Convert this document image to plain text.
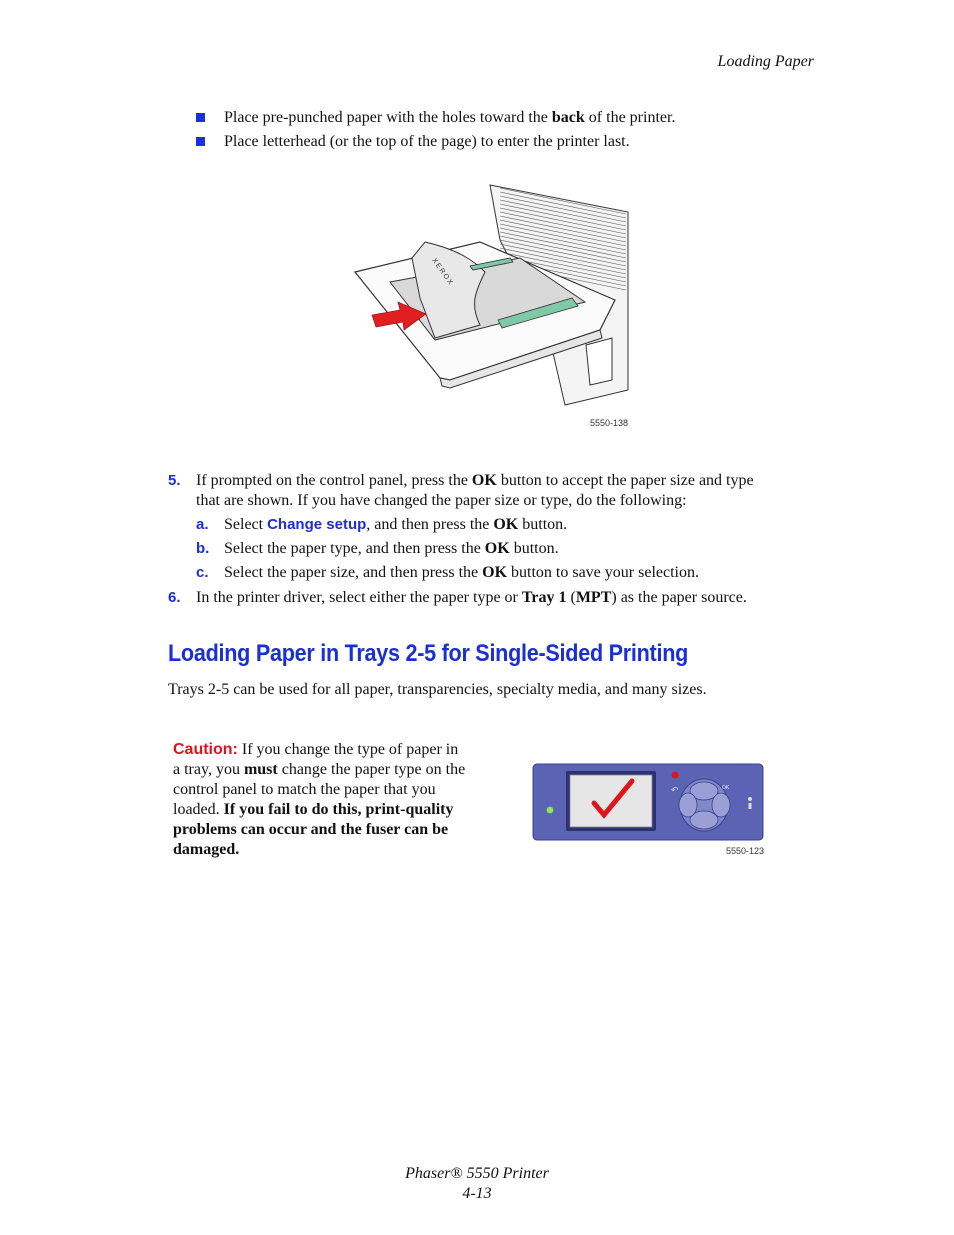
Loading Paper
Place pre-punched paper with the holes toward the back of the printer.
Place letterhead (or the top of the page) to enter the printer last.
XEROX
5550-138
5. If prompted on the control panel, press the OK button to accept the paper size and type
that are shown. If you have changed the paper size or type, do the following:
a. Select Change setup, and then press the OK button.
b. Select the paper type, and then press the OK button.
c. Select the paper size, and then press the OK button to save your selection.
6. In the printer driver, select either the paper type or Tray 1 (MPT) as the paper source.
Loading Paper in Trays 2-5 for Single-Sided Printing
Trays 2-5 can be used for all paper, transparencies, specialty media, and many sizes.
Caution: If you change the type of paper in
a tray, you must change the paper type on the
control panel to match the paper that you
loaded. If you fail to do this, print-quality
problems can occur and the fuser can be
damaged.
↶	OK
5550-123
Phaser® 5550 Printer
4-13
